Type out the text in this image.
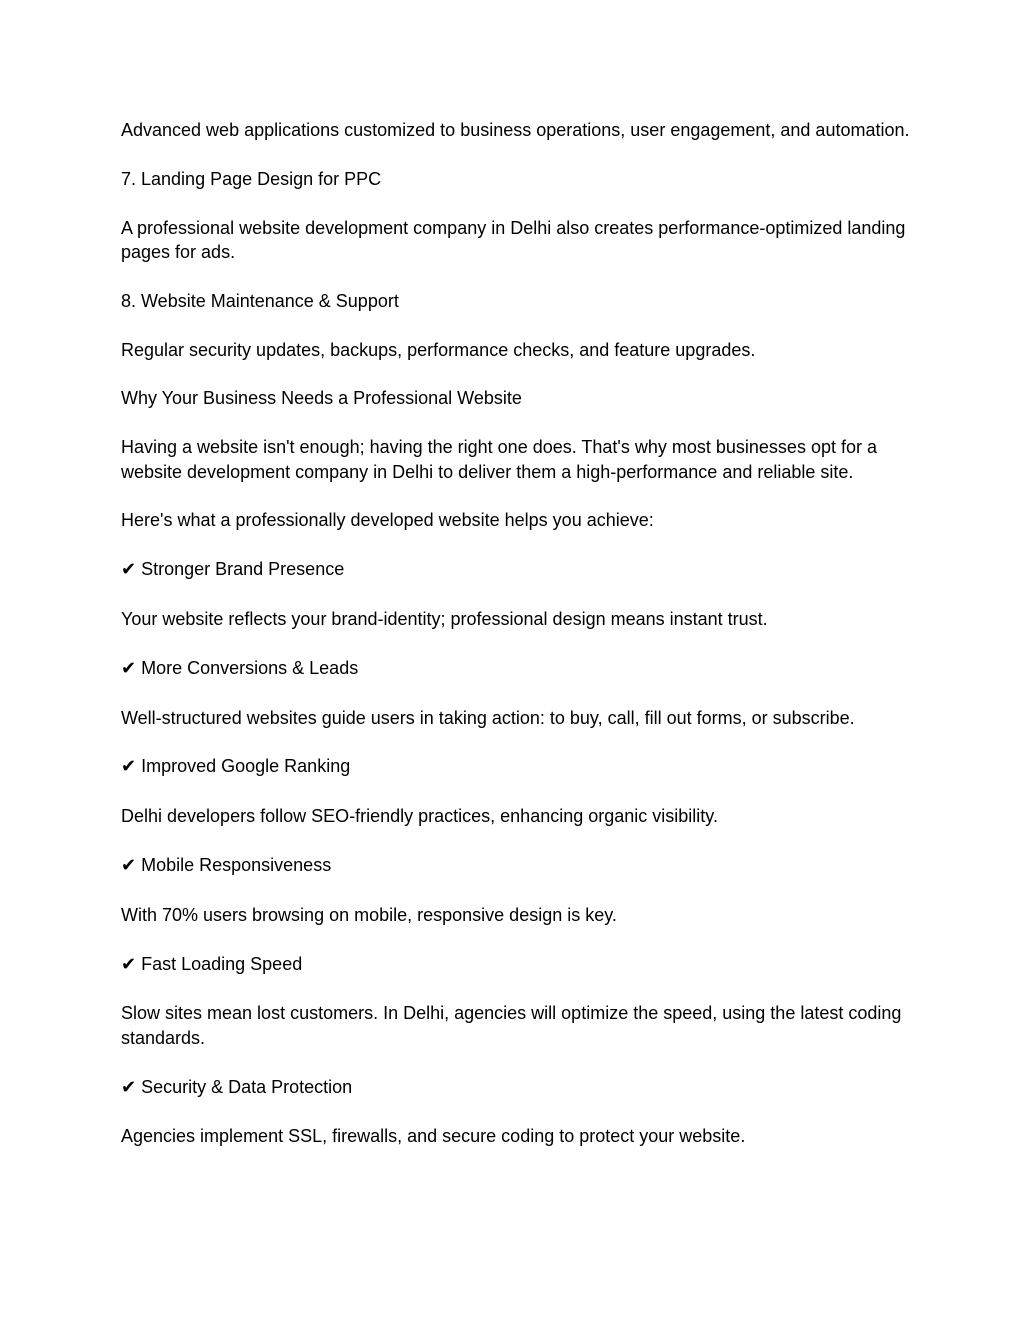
Advanced web applications customized to business operations, user engagement, and automation.

7. Landing Page Design for PPC

A professional website development company in Delhi also creates performance-optimized landing pages for ads.

8. Website Maintenance & Support

Regular security updates, backups, performance checks, and feature upgrades.

Why Your Business Needs a Professional Website

Having a website isn't enough; having the right one does. That's why most businesses opt for a website development company in Delhi to deliver them a high-performance and reliable site.

Here's what a professionally developed website helps you achieve:

✔ Stronger Brand Presence

Your website reflects your brand-identity; professional design means instant trust.

✔ More Conversions & Leads

Well-structured websites guide users in taking action: to buy, call, fill out forms, or subscribe.

✔ Improved Google Ranking

Delhi developers follow SEO-friendly practices, enhancing organic visibility.

✔ Mobile Responsiveness

With 70% users browsing on mobile, responsive design is key.

✔ Fast Loading Speed

Slow sites mean lost customers. In Delhi, agencies will optimize the speed, using the latest coding standards.

✔ Security & Data Protection

Agencies implement SSL, firewalls, and secure coding to protect your website.
